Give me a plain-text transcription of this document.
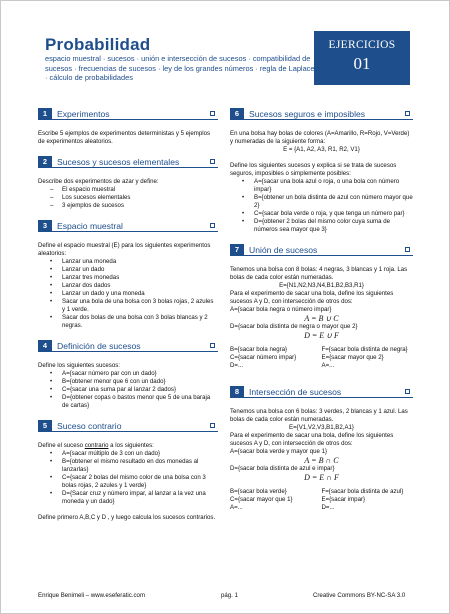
Probabilidad
espacio muestral · sucesos · unión e intersección de sucesos · compatibilidad de sucesos · frecuencias de sucesos · ley de los grandes números · regla de Laplace · cálculo de probabilidades
EJERCICIOS
01
1	Experimentos

Escribe 5 ejemplos de experimentos deterministas y 5 ejemplos de experimentos aleatorios.

2	Sucesos y sucesos elementales

Describe dos experimentos de azar y define:

– El espacio muestral
– Los sucesos elementales
– 3 ejemplos de sucesos
3	Espacio muestral

Define el espacio muestral (E) para los siguientes experimentos aleatorios:

• Lanzar una moneda
• Lanzar un dado
• Lanzar tres monedas
• Lanzar dos dados
• Lanzar un dado y una moneda
• Sacar una bola de una bolsa con 3 bolas rojas, 2 azules y 1 verde.
• Sacar dos bolas de una bolsa con 3 bolas blancas y 2 negras.
4	Definición de sucesos

Define los siguientes sucesos:

• A={sacar número par con un dado}
• B={obtener menor que 6 con un dado}
• C={sacar una suma par al lanzar 2 dados}
• D={obtener copas o bastos menor que 5 de una baraja de cartas}
5	Suceso contrario

Define el suceso contrario a los siguientes:

• A={sacar múltiplo de 3 con un dado}
• B={obtener el mismo resultado en dos monedas al lanzarlas}
• C={sacar 2 bolas del mismo color de una bolsa con 3 bolas rojas, 2 azules y 1 verde}
• D={Sacar cruz y número impar, al lanzar a la vez una moneda y un dado}

Define primero A,B,C y D , y luego calcula los sucesos contrarios.

6	Sucesos seguros e imposibles

En una bolsa hay bolas de colores (A=Amarillo, R=Rojo, V=Verde) y numeradas de la siguiente forma:

E = {A1, A2, A3, R1, R2, V1}

Define los siguientes sucesos y explica si se trata de sucesos seguros, imposibles o simplemente posibles:

• A={sacar una bola azul o roja, o una bola con número impar}
• B={obtener un bola distinta de azul con número mayor que 2}
• C={sacar bola verde o roja, y que tenga un número par}
• D={obtener 2 bolas del mismo color cuya suma de números sea mayor que 3}
7	Unión de sucesos

Tenemos una bolsa con 8 bolas: 4 negras, 3 blancas y 1 roja. Las bolas de cada color están numeradas.

E={N1,N2,N3,N4,B1,B2,B3,R1}

Para el experimento de sacar una bola, define los siguientes sucesos A y D, con intersección de otros dos:

A={sacar bola negra o número impar}

A = B ∪ C

D={sacar bola distinta de negra o mayor que 2}

D = E ∪ F

B={sacar bola negra}	F={sacar bola distinta de negra}
C={sacar número impar}	E={sacar mayor que 2}
D=...	A=...
8	Intersección de sucesos

Tenemos una bolsa con 6 bolas: 3 verdes, 2 blancas y 1 azul. Las bolas de cada color están numeradas.

E={V1,V2,V3,B1,B2,A1}

Para el experimento de sacar una bola, define los siguientes sucesos A y D, con intersección de otros dos:

A={sacar bola verde y mayor que 1}

A = B ∩ C

D={sacar bola distinta de azul e impar}

D = E ∩ F

B={sacar bola verde}	F={sacar bola distinta de azul}
C={sacar mayor que 1}	E={sacar impar}
A=...	D=...
Enrique Benimeli – www.eseferatic.com	pág. 1	Creative Commons BY-NC-SA 3.0
